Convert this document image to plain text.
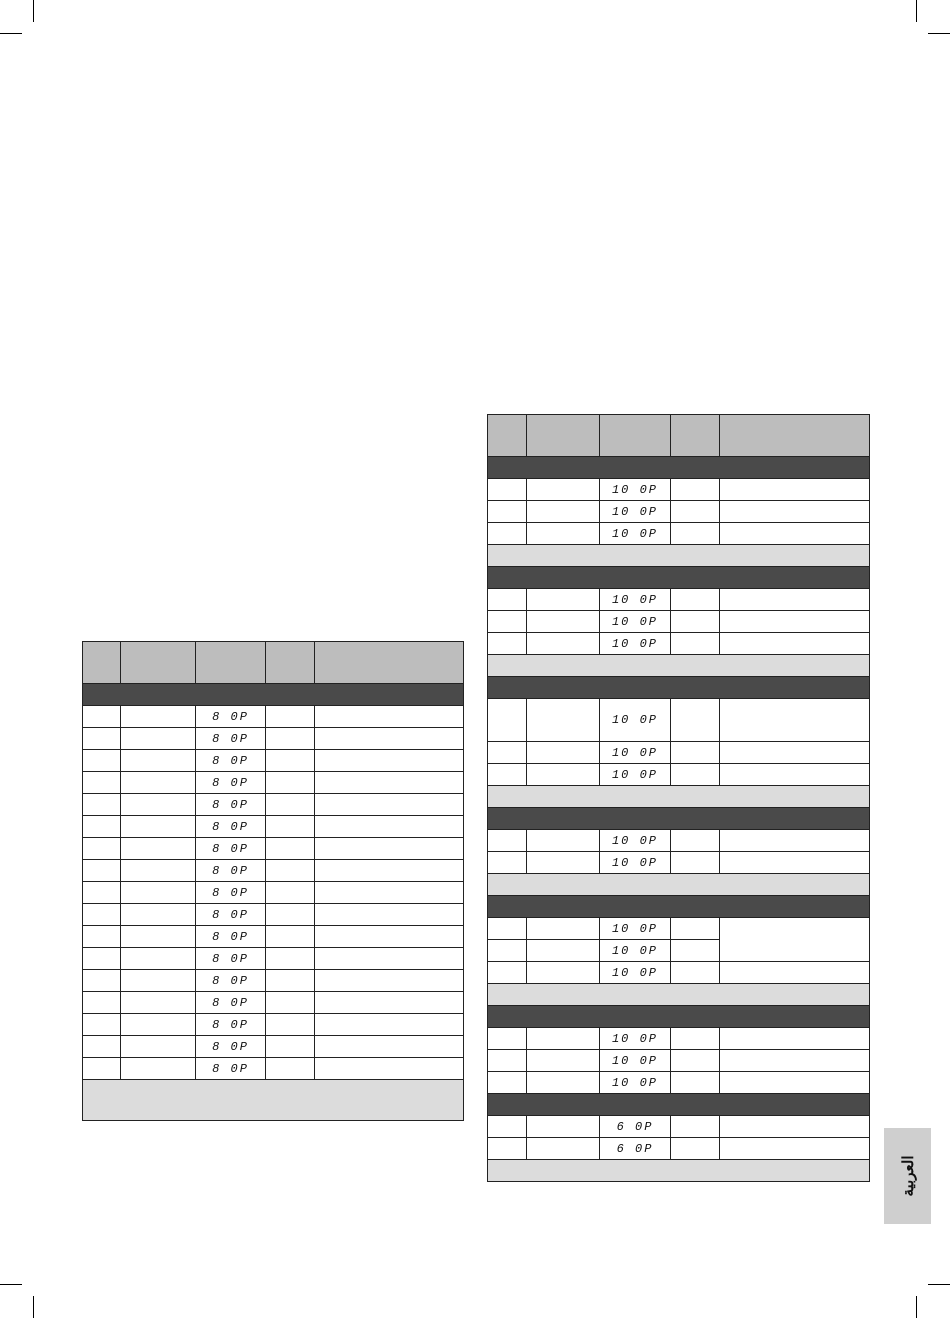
		8 0P		
		8 0P		
		8 0P		
		8 0P		
		8 0P		
		8 0P		
		8 0P		
		8 0P		
		8 0P		
		8 0P		
		8 0P		
		8 0P		
		8 0P		
		8 0P		
		8 0P		
		8 0P		
		8 0P		

		10 0P		
		10 0P		
		10 0P		

		10 0P		
		10 0P		
		10 0P		

		10 0P		
		10 0P		
		10 0P		

		10 0P		
		10 0P		

		10 0P		
		10 0P		
		10 0P		

		10 0P		
		10 0P		
		10 0P		

		6 0P		
		6 0P		

العربية
